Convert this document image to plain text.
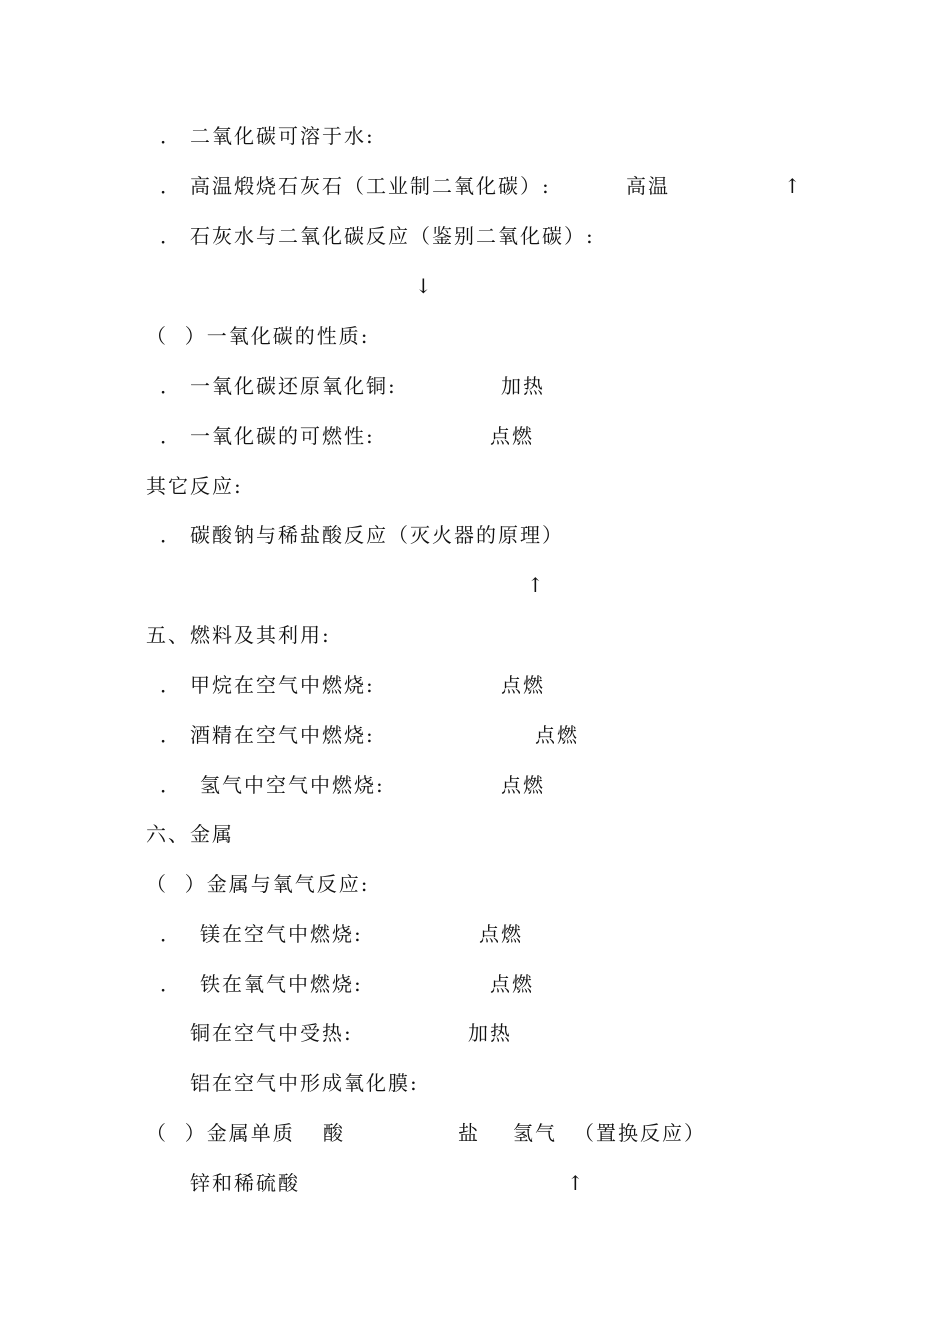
． 二氧化碳可溶于水:
． 高温煅烧石灰石（工业制二氧化碳）:	高温	↑
． 石灰水与二氧化碳反应（鉴别二氧化碳）:
↓
（  ）一氧化碳的性质:
． 一氧化碳还原氧化铜:	加热
． 一氧化碳的可燃性:	点燃
其它反应:
． 碳酸钠与稀盐酸反应（灭火器的原理）
↑
五、燃料及其利用:
． 甲烷在空气中燃烧:	点燃
． 酒精在空气中燃烧:	点燃
． 氢气中空气中燃烧:	点燃
六、金属
（  ）金属与氧气反应:
． 镁在空气中燃烧:	点燃
． 铁在氧气中燃烧:	点燃
铜在空气中受热:	加热
铝在空气中形成氧化膜:
（  ）金属单质 酸	盐 氢气 （置换反应）
锌和稀硫酸	↑
